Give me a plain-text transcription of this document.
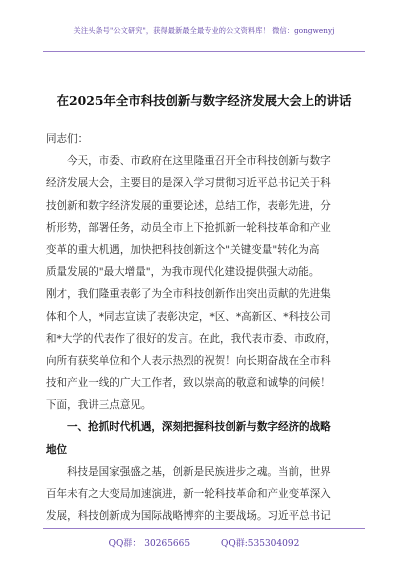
关注头条号"公文研究"，获得最新最全最专业的公文资料库！ 微信：gongwenyj
在2025年全市科技创新与数字经济发展大会上的讲话
同志们：
今天，市委、市政府在这里隆重召开全市科技创新与数字
经济发展大会，主要目的是深入学习贯彻习近平总书记关于科
技创新和数字经济发展的重要论述，总结工作，表彰先进，分
析形势，部署任务，动员全市上下抢抓新一轮科技革命和产业
变革的重大机遇，加快把科技创新这个"关键变量"转化为高
质量发展的"最大增量"，为我市现代化建设提供强大动能。
刚才，我们隆重表彰了为全市科技创新作出突出贡献的先进集
体和个人，*同志宣读了表彰决定，*区、*高新区、*科技公司
和*大学的代表作了很好的发言。在此，我代表市委、市政府，
向所有获奖单位和个人表示热烈的祝贺！向长期奋战在全市科
技和产业一线的广大工作者，致以崇高的敬意和诚挚的问候！
下面，我讲三点意见。
一、抢抓时代机遇，深刻把握科技创新与数字经济的战略
地位
科技是国家强盛之基，创新是民族进步之魂。当前，世界
百年未有之大变局加速演进，新一轮科技革命和产业变革深入
发展，科技创新成为国际战略博弈的主要战场。习近平总书记
QQ群： 30265665	QQ群:535304092
